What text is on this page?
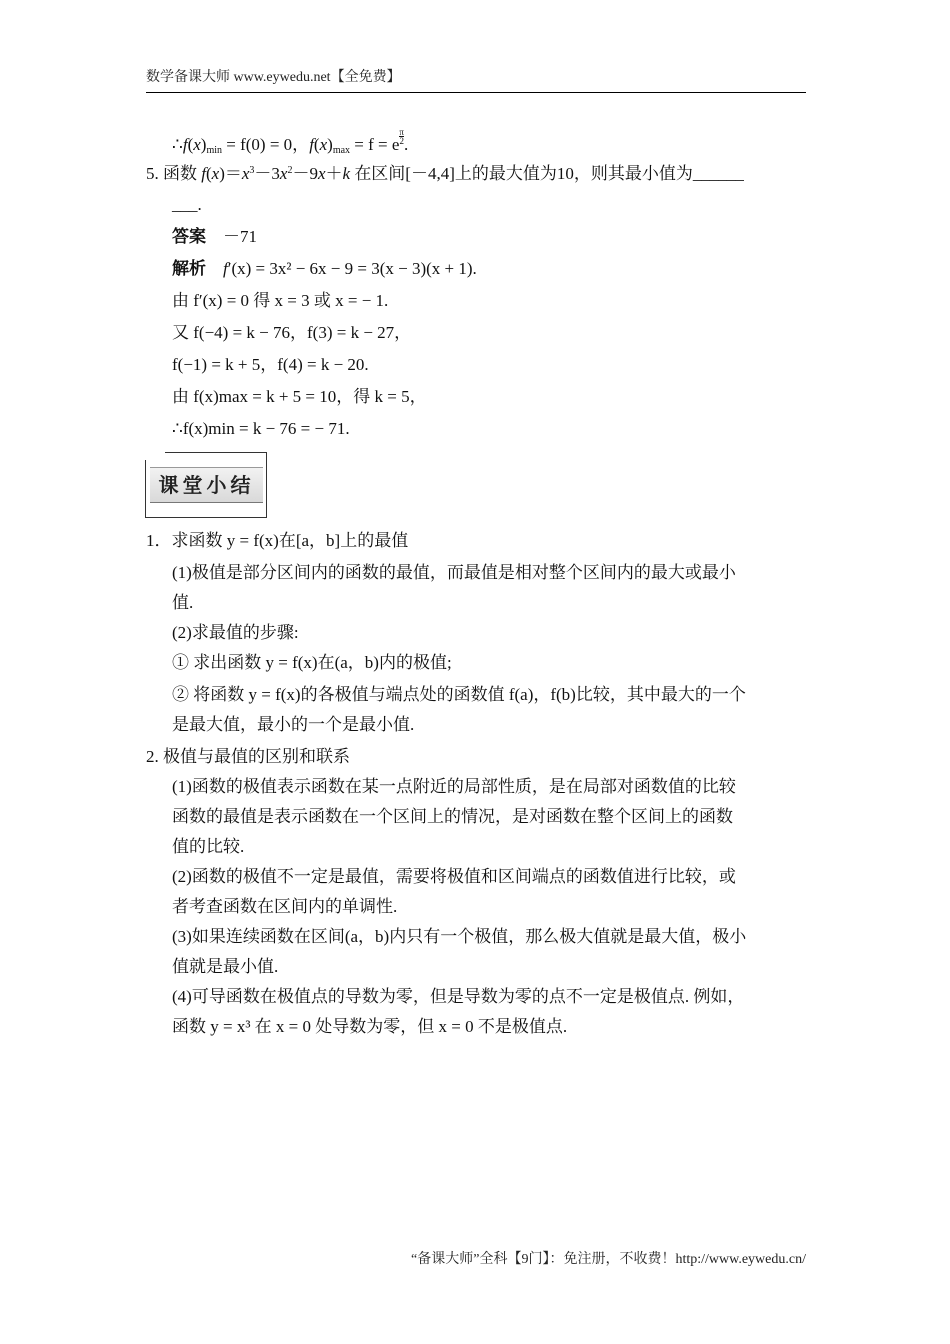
数学备课大师 www.eywedu.net【全免费】
$\therefore f(x)_{min} = f(0) = 0$，$f(x)_{max} = f = e \frac{\pi}{2}$ .
5. 函数 $f(x)=x^3-3x^2-9x+k$ 在区间[－4,4]上的最大值为10，则其最小值为______
___.
答案 －71
解析 f′(x) = 3x² − 6x − 9 = 3(x − 3)(x + 1).
由 f′(x) = 0 得 x = 3 或 x = − 1.
又 f(−4) = k − 76，f(3) = k − 27，
f(−1) = k + 5，f(4) = k − 20.
由 f(x)max = k + 5 = 10，得 k = 5，
∴f(x)min = k − 76 = − 71.
课堂小结
1．求函数 y = f(x)在[a，b]上的最值
(1)极值是部分区间内的函数的最值，而最值是相对整个区间内的最大或最小
值.
(2)求最值的步骤:
① 求出函数 y = f(x)在(a，b)内的极值;
② 将函数 y = f(x)的各极值与端点处的函数值 f(a)，f(b)比较，其中最大的一个
是最大值，最小的一个是最小值.
2. 极值与最值的区别和联系
(1)函数的极值表示函数在某一点附近的局部性质，是在局部对函数值的比较
函数的最值是表示函数在一个区间上的情况，是对函数在整个区间上的函数
值的比较.
(2)函数的极值不一定是最值，需要将极值和区间端点的函数值进行比较，或
者考查函数在区间内的单调性.
(3)如果连续函数在区间(a，b)内只有一个极值，那么极大值就是最大值，极小
值就是最小值.
(4)可导函数在极值点的导数为零，但是导数为零的点不一定是极值点. 例如，
函数 y = x³ 在 x = 0 处导数为零，但 x = 0 不是极值点.
“备课大师”全科【9门】：免注册，不收费！http://www.eywedu.cn/
